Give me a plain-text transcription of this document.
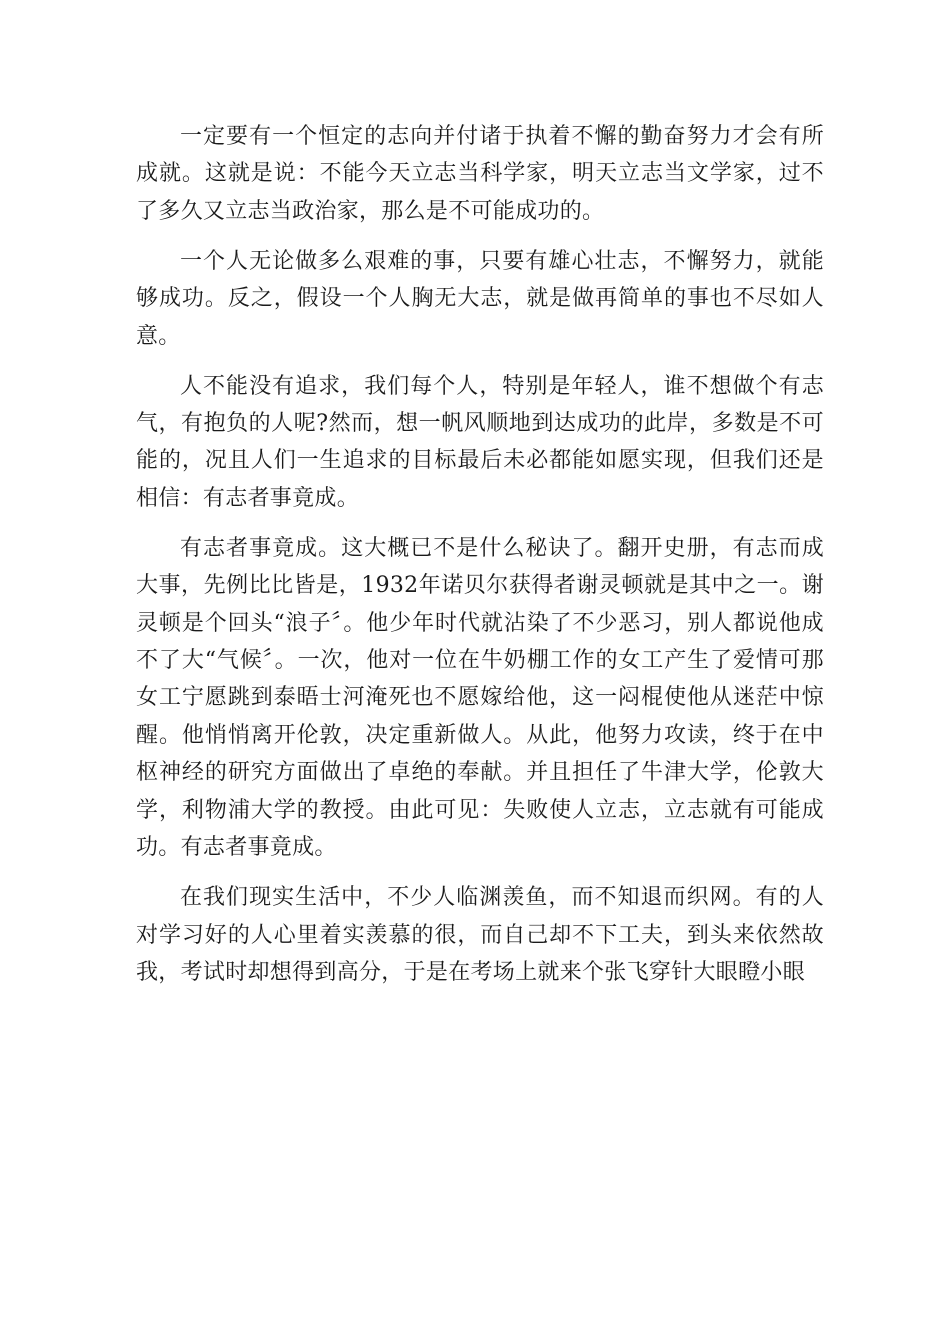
一定要有一个恒定的志向并付诸于执着不懈的勤奋努力才会有所成就。这就是说：不能今天立志当科学家，明天立志当文学家，过不了多久又立志当政治家，那么是不可能成功的。

一个人无论做多么艰难的事，只要有雄心壮志，不懈努力，就能够成功。反之，假设一个人胸无大志，就是做再简单的事也不尽如人意。

人不能没有追求，我们每个人，特别是年轻人，谁不想做个有志气，有抱负的人呢?然而，想一帆风顺地到达成功的此岸，多数是不可能的，况且人们一生追求的目标最后未必都能如愿实现，但我们还是相信：有志者事竟成。

有志者事竟成。这大概已不是什么秘诀了。翻开史册，有志而成大事，先例比比皆是，1932年诺贝尔获得者谢灵顿就是其中之一。谢灵顿是个回头“浪子〞。他少年时代就沾染了不少恶习，别人都说他成不了大“气候〞。一次，他对一位在牛奶棚工作的女工产生了爱情可那女工宁愿跳到泰晤士河淹死也不愿嫁给他，这一闷棍使他从迷茫中惊醒。他悄悄离开伦敦，决定重新做人。从此，他努力攻读，终于在中枢神经的研究方面做出了卓绝的奉献。并且担任了牛津大学，伦敦大学，利物浦大学的教授。由此可见：失败使人立志，立志就有可能成功。有志者事竟成。

在我们现实生活中，不少人临渊羡鱼，而不知退而织网。有的人对学习好的人心里着实羡慕的很，而自己却不下工夫，到头来依然故我，考试时却想得到高分，于是在考场上就来个张飞穿针大眼瞪小眼
